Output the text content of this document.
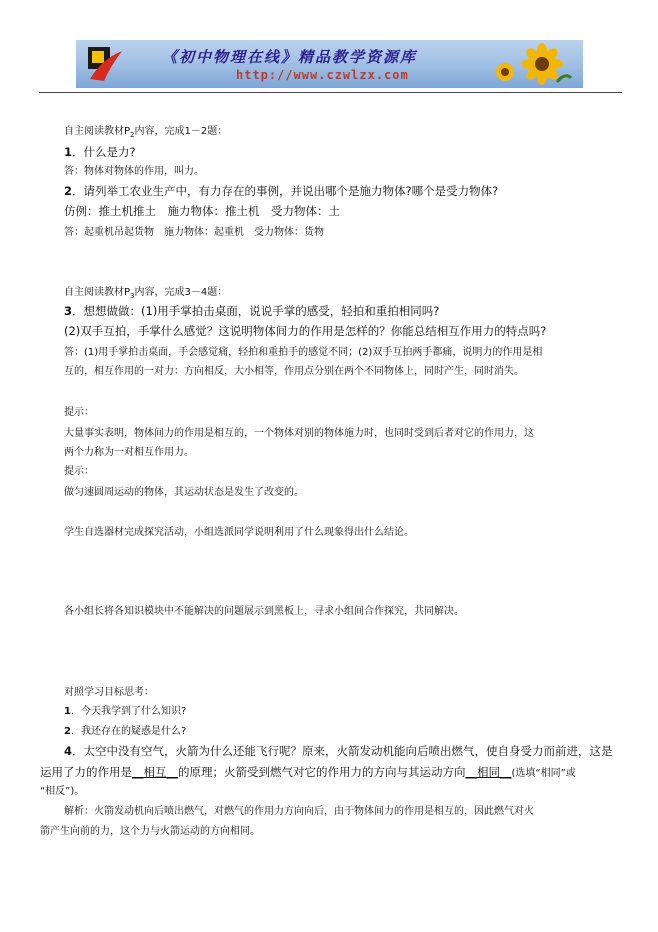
《初中物理在线》精品教学资源库
http://www.czwlzx.com
自主阅读教材$P_2$内容，完成1－2题：
1．什么是力?
答：物体对物体的作用，叫力。
2．请列举工农业生产中，有力存在的事例，并说出哪个是施力物体?哪个是受力物体?
仿例：推土机推土　施力物体：推土机　受力物体：土
答：起重机吊起货物　施力物体：起重机　受力物体：货物
自主阅读教材$P_3$内容，完成3－4题：
3．想想做做：(1)用手掌拍击桌面，说说手掌的感受，轻拍和重拍相同吗?
(2)双手互拍，手掌什么感觉？这说明物体间力的作用是怎样的？你能总结相互作用力的特点吗?
答：(1)用手掌拍击桌面，手会感觉痛，轻拍和重拍手的感觉不同；(2)双手互拍两手都痛，说明力的作用是相
互的，相互作用的一对力：方向相反，大小相等，作用点分别在两个不同物体上，同时产生，同时消失。
提示：
大量事实表明，物体间力的作用是相互的，一个物体对别的物体施力时，也同时受到后者对它的作用力，这
两个力称为一对相互作用力。
提示：
做匀速圆周运动的物体，其运动状态是发生了改变的。
学生自选器材完成探究活动，小组选派同学说明利用了什么现象得出什么结论。
各小组长将各知识模块中不能解决的问题展示到黑板上，寻求小组间合作探究，共同解决。
对照学习目标思考：
1．今天我学到了什么知识?
2．我还存在的疑惑是什么?
4．太空中没有空气，火箭为什么还能飞行呢？原来，火箭发动机能向后喷出燃气，使自身受力而前进，这是
运用了力的作用是__相互__的原理；火箭受到燃气对它的作用力的方向与其运动方向__相同__(选填“相同”或
“相反”)。
解析：火箭发动机向后喷出燃气，对燃气的作用力方向向后，由于物体间力的作用是相互的，因此燃气对火
箭产生向前的力，这个力与火箭运动的方向相同。
